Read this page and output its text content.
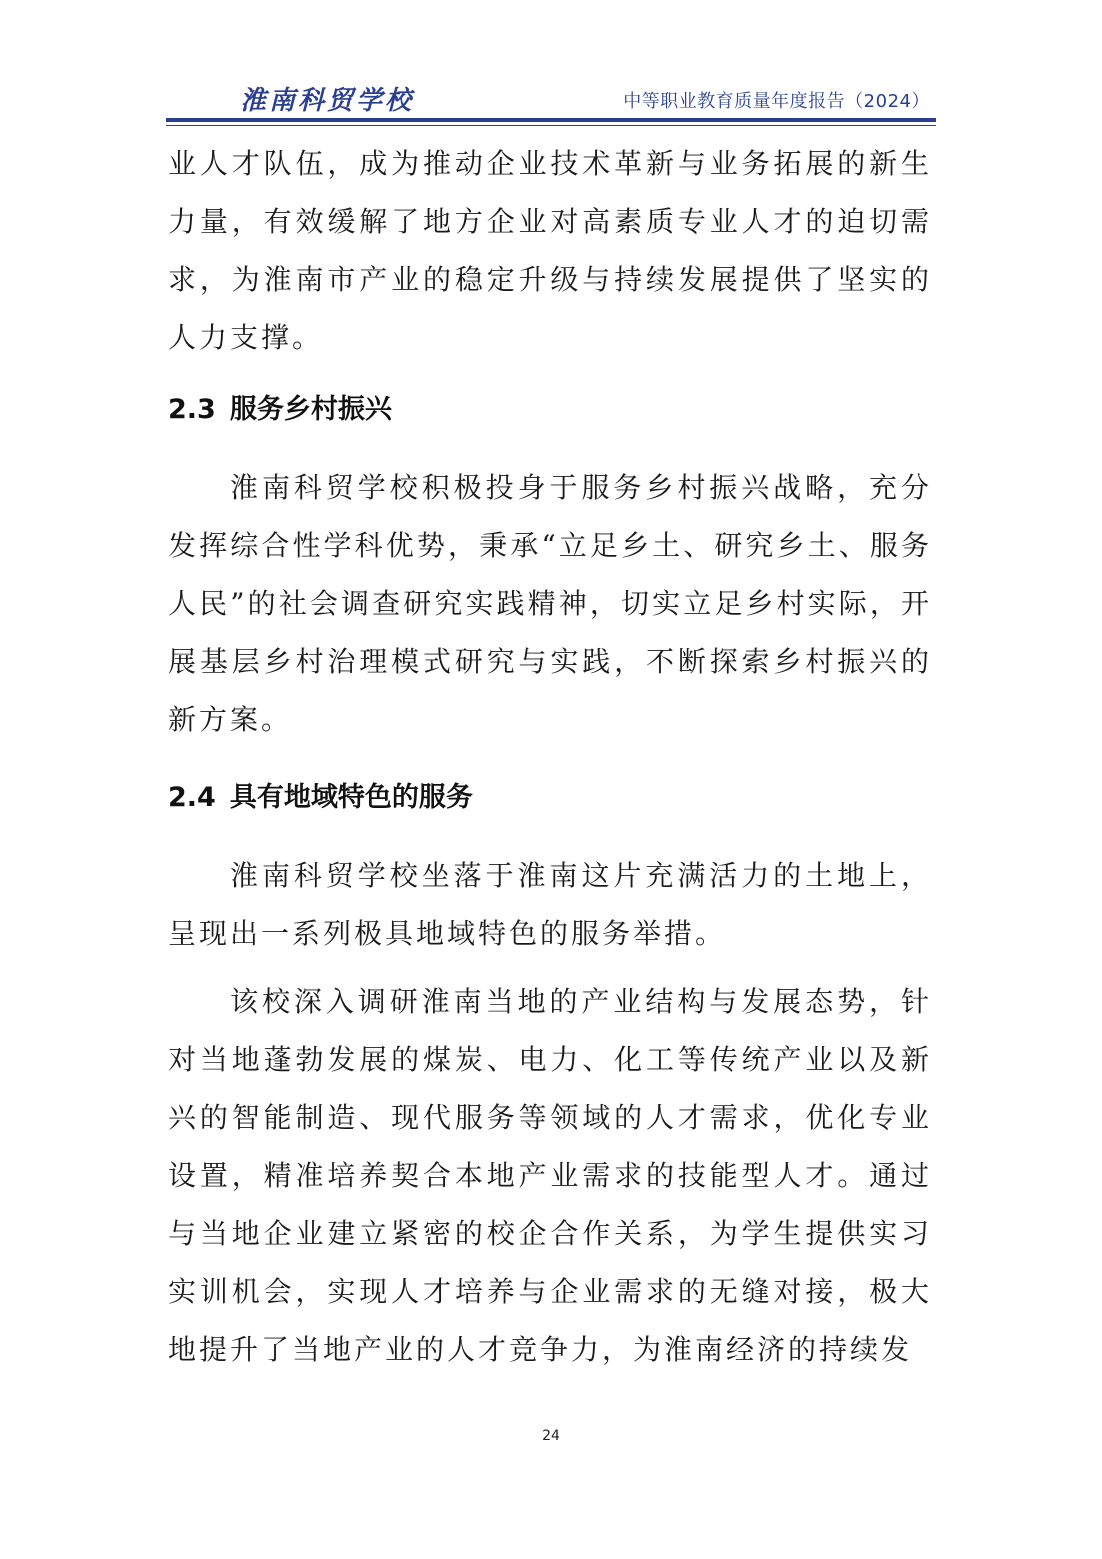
淮南科贸学校	中等职业教育质量年度报告（2024）

业人才队伍，成为推动企业技术革新与业务拓展的新生力量，有效缓解了地方企业对高素质专业人才的迫切需求，为淮南市产业的稳定升级与持续发展提供了坚实的人力支撑。

2.3 服务乡村振兴

淮南科贸学校积极投身于服务乡村振兴战略，充分发挥综合性学科优势，秉承“立足乡土、研究乡土、服务人民”的社会调查研究实践精神，切实立足乡村实际，开展基层乡村治理模式研究与实践，不断探索乡村振兴的新方案。

2.4 具有地域特色的服务

淮南科贸学校坐落于淮南这片充满活力的土地上，呈现出一系列极具地域特色的服务举措。

该校深入调研淮南当地的产业结构与发展态势，针对当地蓬勃发展的煤炭、电力、化工等传统产业以及新兴的智能制造、现代服务等领域的人才需求，优化专业设置，精准培养契合本地产业需求的技能型人才。通过与当地企业建立紧密的校企合作关系，为学生提供实习实训机会，实现人才培养与企业需求的无缝对接，极大地提升了当地产业的人才竞争力，为淮南经济的持续发

24
